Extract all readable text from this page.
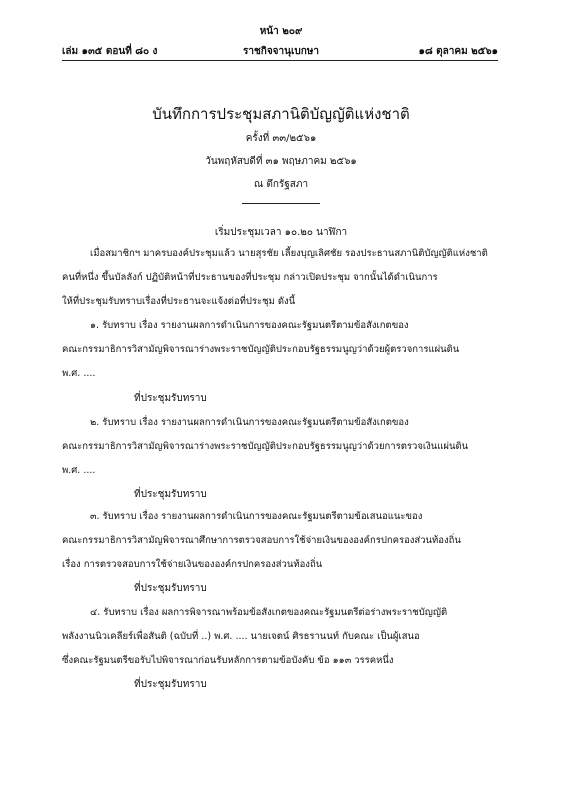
หน้า ๒๐๙
เล่ม ๑๓๕ ตอนที่ ๘๐ ง	ราชกิจจานุเบกษา	๑๘ ตุลาคม ๒๕๖๑
บันทึกการประชุมสภานิติบัญญัติแห่งชาติ
ครั้งที่ ๓๓/๒๕๖๑
วันพฤหัสบดีที่ ๓๑ พฤษภาคม ๒๕๖๑
ณ ตึกรัฐสภา
เริ่มประชุมเวลา ๑๐.๒๐ นาฬิกา
เมื่อสมาชิกฯ มาครบองค์ประชุมแล้ว นายสุรชัย เลี้ยงบุญเลิศชัย รองประธานสภานิติบัญญัติแห่งชาติ
คนที่หนึ่ง ขึ้นบัลลังก์ ปฏิบัติหน้าที่ประธานของที่ประชุม กล่าวเปิดประชุม จากนั้นได้ดำเนินการ
ให้ที่ประชุมรับทราบเรื่องที่ประธานจะแจ้งต่อที่ประชุม ดังนี้
๑. รับทราบ เรื่อง รายงานผลการดำเนินการของคณะรัฐมนตรีตามข้อสังเกตของ
คณะกรรมาธิการวิสามัญพิจารณาร่างพระราชบัญญัติประกอบรัฐธรรมนูญว่าด้วยผู้ตรวจการแผ่นดิน
พ.ศ. ....
ที่ประชุมรับทราบ
๒. รับทราบ เรื่อง รายงานผลการดำเนินการของคณะรัฐมนตรีตามข้อสังเกตของ
คณะกรรมาธิการวิสามัญพิจารณาร่างพระราชบัญญัติประกอบรัฐธรรมนูญว่าด้วยการตรวจเงินแผ่นดิน
พ.ศ. ....
ที่ประชุมรับทราบ
๓. รับทราบ เรื่อง รายงานผลการดำเนินการของคณะรัฐมนตรีตามข้อเสนอแนะของ
คณะกรรมาธิการวิสามัญพิจารณาศึกษาการตรวจสอบการใช้จ่ายเงินขององค์กรปกครองส่วนท้องถิ่น
เรื่อง การตรวจสอบการใช้จ่ายเงินขององค์กรปกครองส่วนท้องถิ่น
ที่ประชุมรับทราบ
๔. รับทราบ เรื่อง ผลการพิจารณาพร้อมข้อสังเกตของคณะรัฐมนตรีต่อร่างพระราชบัญญัติ
พลังงานนิวเคลียร์เพื่อสันติ (ฉบับที่ ..) พ.ศ. .... นายเจตน์ ศิรธรานนท์ กับคณะ เป็นผู้เสนอ
ซึ่งคณะรัฐมนตรีขอรับไปพิจารณาก่อนรับหลักการตามข้อบังคับ ข้อ ๑๑๓ วรรคหนึ่ง
ที่ประชุมรับทราบ
